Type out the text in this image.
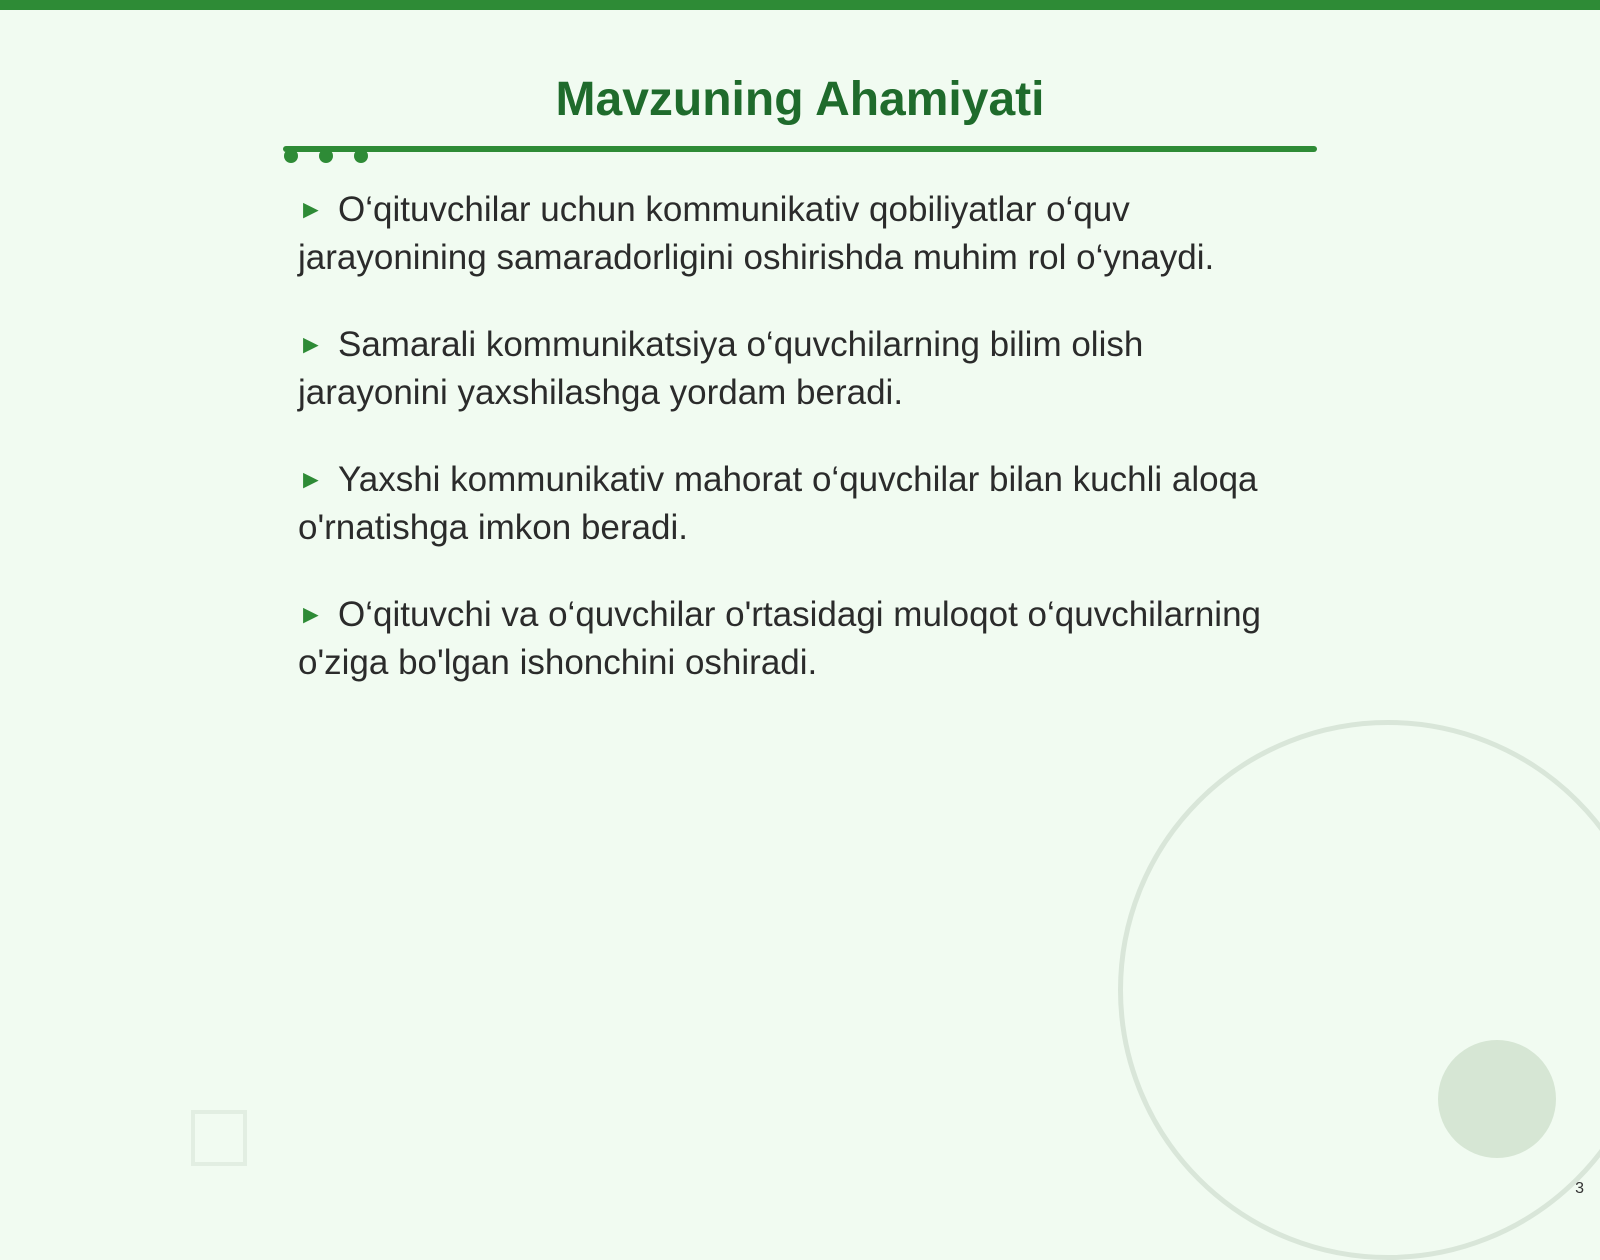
Mavzuning Ahamiyati
► O‘qituvchilar uchun kommunikativ qobiliyatlar o‘quv jarayonining samaradorligini oshirishda muhim rol o‘ynaydi.
► Samarali kommunikatsiya o‘quvchilarning bilim olish jarayonini yaxshilashga yordam beradi.
► Yaxshi kommunikativ mahorat o‘quvchilar bilan kuchli aloqa o'rnatishga imkon beradi.
► O‘qituvchi va o‘quvchilar o'rtasidagi muloqot o‘quvchilarning o'ziga bo'lgan ishonchini oshiradi.
3
